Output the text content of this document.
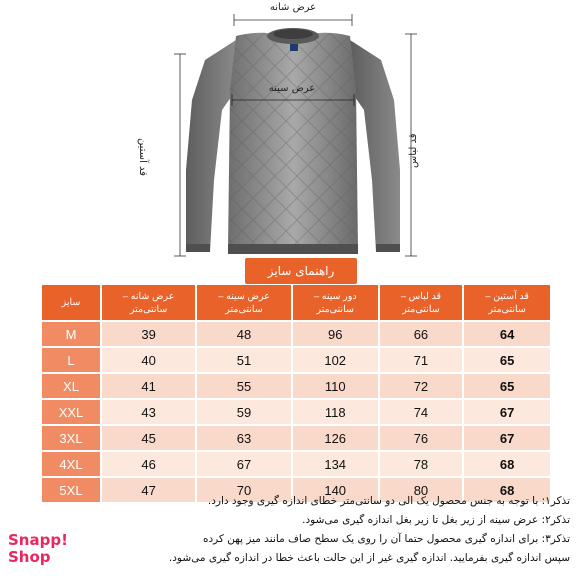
عرض شانه
عرض سینه
قد آستین	قد لباس
راهنمای سایز
سایز	عرض شانه – سانتی‌متر	عرض سینه – سانتی‌متر	دور سینه – سانتی‌متر	قد لباس – سانتی‌متر	قد آستین – سانتی‌متر
M	39	48	96	66	64
L	40	51	102	71	65
XL	41	55	110	72	65
XXL	43	59	118	74	67
3XL	45	63	126	76	67
4XL	46	67	134	78	68
5XL	47	70	140	80	68
تذکر۱: با توجه به جنس محصول یک الی دو سانتی‌متر خطای اندازه گیری وجود دارد.
تذکر۲: عرض سینه از زیر بغل تا زیر بغل اندازه گیری می‌شود.
تذکر۳: برای اندازه گیری محصول حتما آن را روی یک سطح صاف مانند میز پهن کرده
سپس اندازه گیری بفرمایید. اندازه گیری غیر از این حالت باعث خطا در اندازه گیری می‌شود.
Snapp!
Shop
